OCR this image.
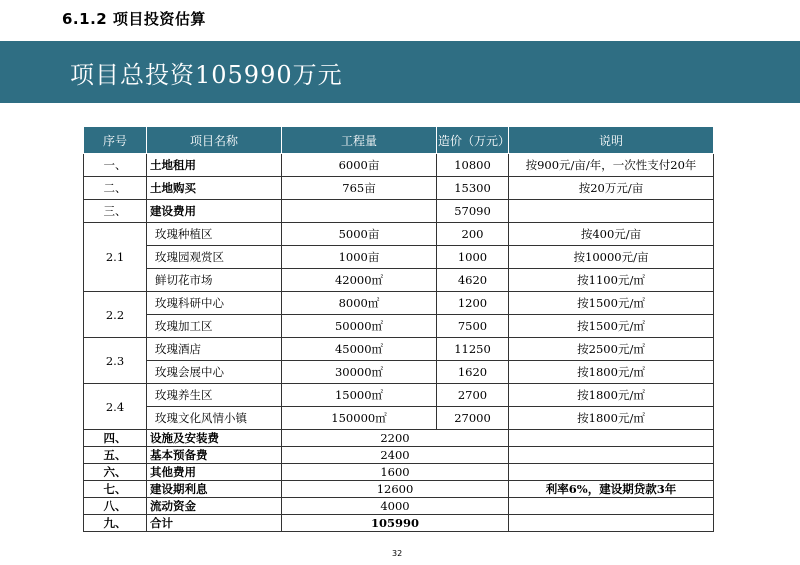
6.1.2 项目投资估算
项目总投资105990万元
序号	项目名称	工程量	造价（万元）	说明
一、	土地租用	6000亩	10800	按900元/亩/年，一次性支付20年
二、	土地购买	765亩	15300	按20万元/亩
三、	建设费用		57090	
2.1	玫瑰种植区	5000亩	200	按400元/亩
	玫瑰园观赏区	1000亩	1000	按10000元/亩
	鲜切花市场	42000㎡	4620	按1100元/㎡
2.2	玫瑰科研中心	8000㎡	1200	按1500元/㎡
	玫瑰加工区	50000㎡	7500	按1500元/㎡
2.3	玫瑰酒店	45000㎡	11250	按2500元/㎡
	玫瑰会展中心	30000㎡	1620	按1800元/㎡
2.4	玫瑰养生区	15000㎡	2700	按1800元/㎡
	玫瑰文化风情小镇	150000㎡	27000	按1800元/㎡
四、	设施及安装费	2200		
五、	基本预备费	2400		
六、	其他费用	1600		
七、	建设期利息	12600		利率6%，建设期贷款3年
八、	流动资金	4000		
九、	合计	105990		
32
